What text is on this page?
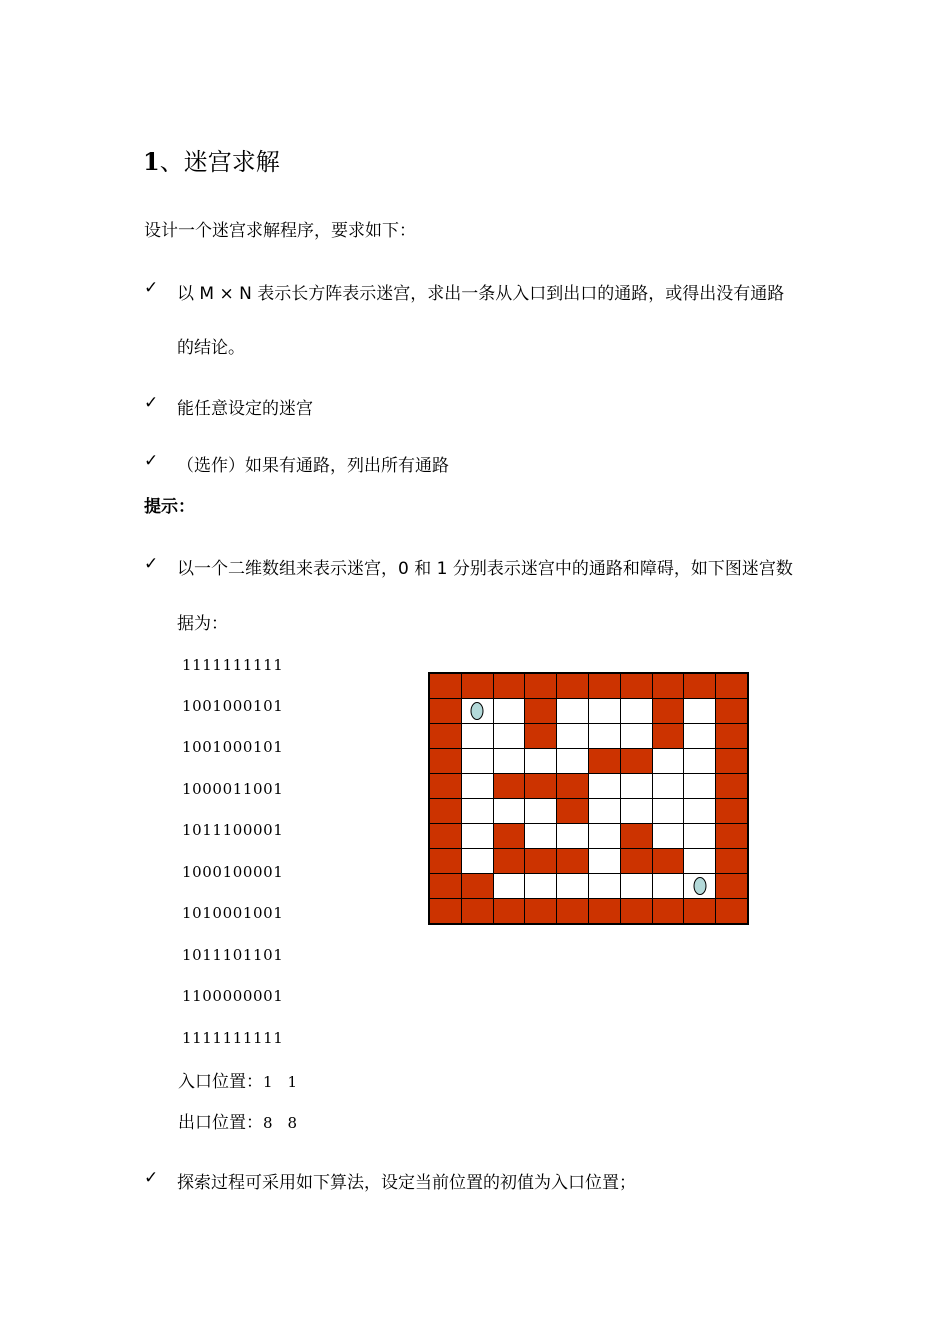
1、迷宫求解
设计一个迷宫求解程序，要求如下：
✓ 以 M × N 表示长方阵表示迷宫，求出一条从入口到出口的通路，或得出没有通路
的结论。
✓ 能任意设定的迷宫
✓ （选作）如果有通路，列出所有通路
提示：
✓ 以一个二维数组来表示迷宫，0 和 1 分别表示迷宫中的通路和障碍，如下图迷宫数
据为：
1111111111
1001000101
1001000101
1000011001
1011100001
1000100001
1010001001
1011101101
1100000001
1111111111
入口位置：1　1
出口位置：8　8
✓ 探索过程可采用如下算法，设定当前位置的初值为入口位置；
